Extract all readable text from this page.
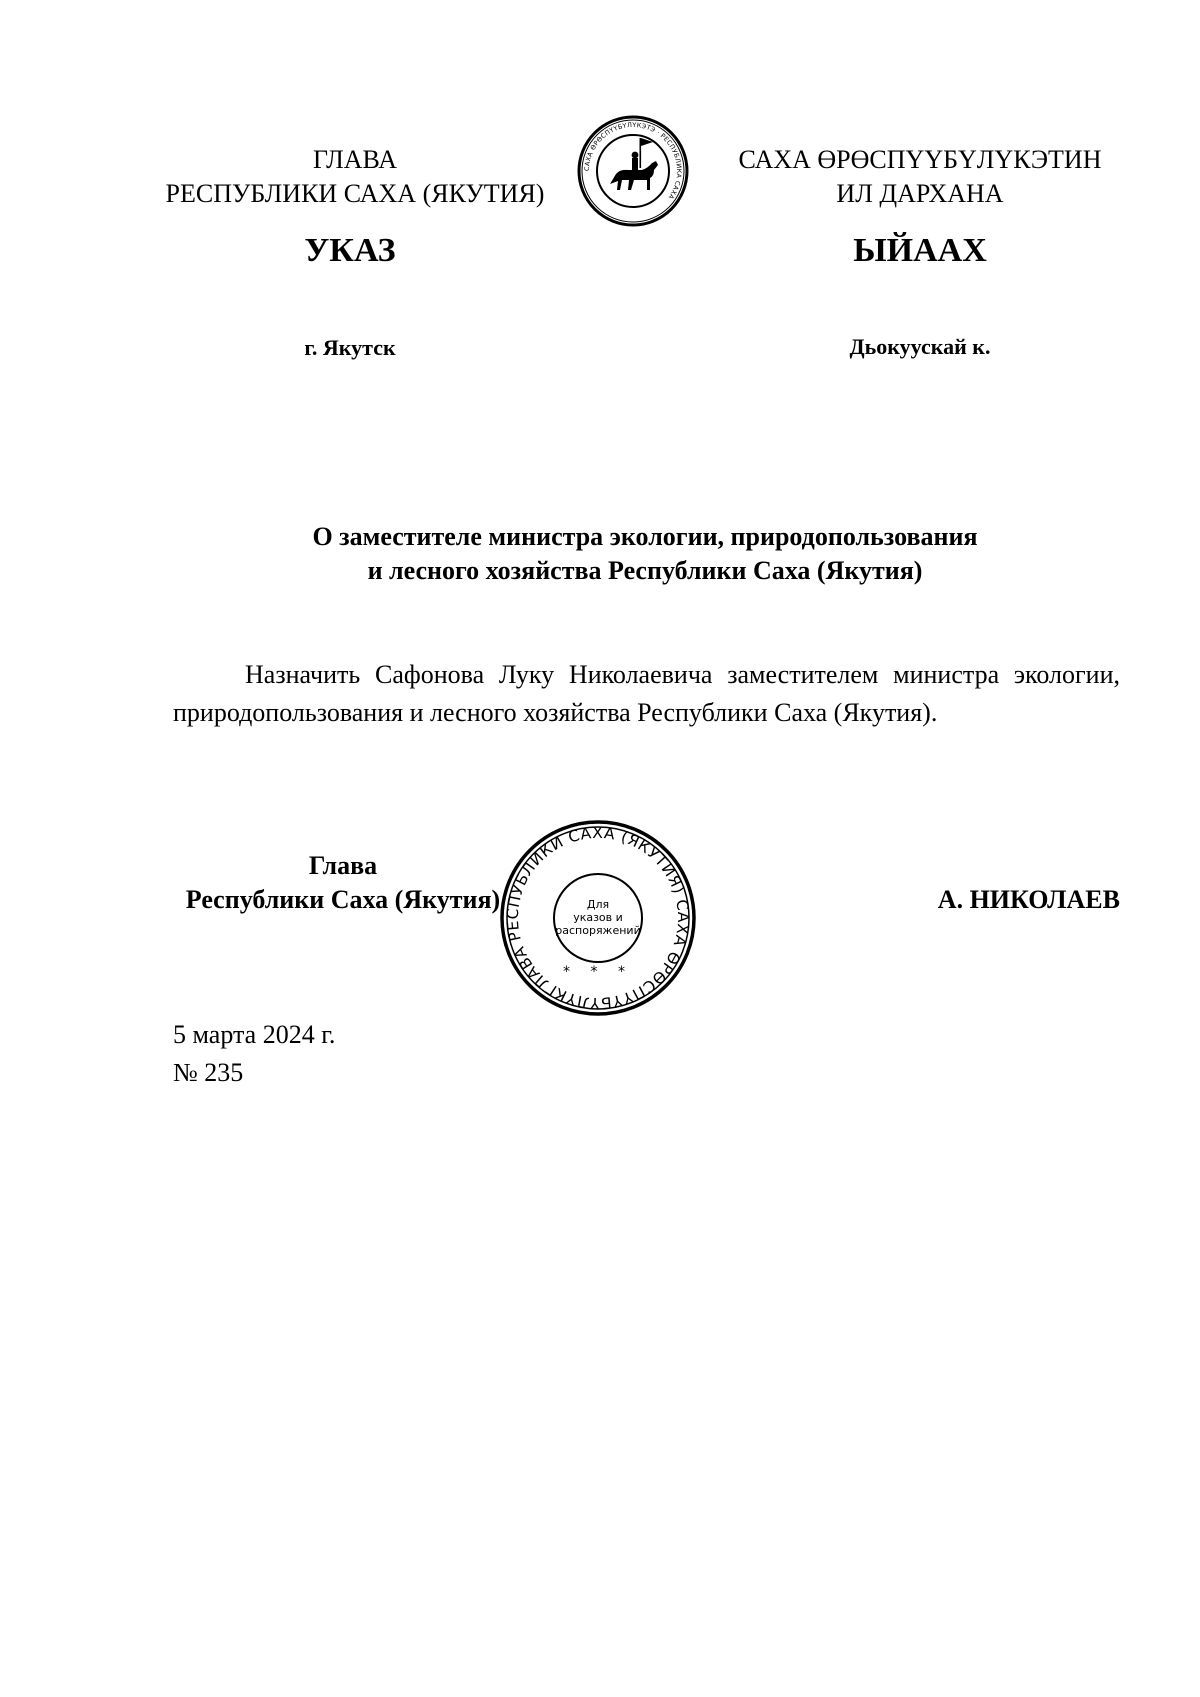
ГЛАВА
РЕСПУБЛИКИ САХА (ЯКУТИЯ)
САХА ӨРӨСПҮҮБҮЛҮКЭТЭ · РЕСПУБЛИКА САХА
САХА ӨРӨСПҮҮБҮЛҮКЭТИН
ИЛ ДАРХАНА
УКАЗ	ЫЙААХ
г. Якутск	Дьокуускай к.
О заместителе министра экологии, природопользования
и лесного хозяйства Республики Саха (Якутия)
Назначить Сафонова Луку Николаевича заместителем министра экологии, природопользования и лесного хозяйства Республики Саха (Якутия).
Глава
Республики Саха (Якутия)	А. НИКОЛАЕВ
ГЛАВА РЕСПУБЛИКИ САХА (ЯКУТИЯ) САХА ӨРӨСПҮҮБҮЛҮК
Для
указов и
распоряжений
* * *
5 марта 2024 г.
№ 235
